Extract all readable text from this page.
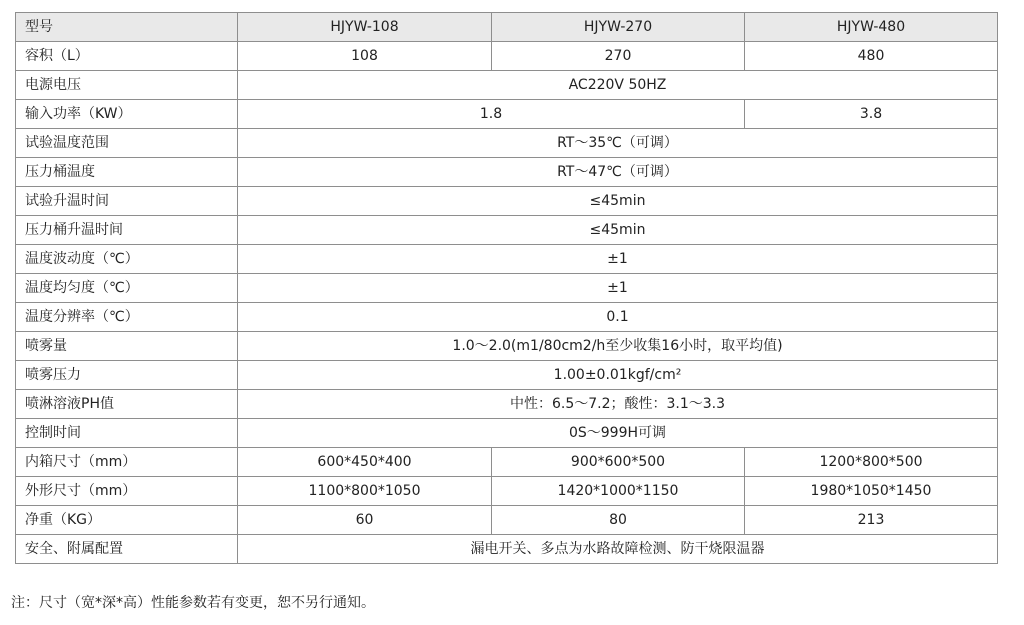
型号	HJYW-108	HJYW-270	HJYW-480
容积（L）	108	270	480
电源电压	AC220V 50HZ		
输入功率（KW）	1.8		3.8
试验温度范围	RT～35℃（可调）		
压力桶温度	RT～47℃（可调）		
试验升温时间	≤45min		
压力桶升温时间	≤45min		
温度波动度（℃）	±1		
温度均匀度（℃）	±1		
温度分辨率（℃）	0.1		
喷雾量	1.0～2.0(m1/80cm2/h至少收集16小时，取平均值)		
喷雾压力	1.00±0.01kgf/cm²		
喷淋溶液PH值	中性：6.5～7.2；酸性：3.1～3.3		
控制时间	0S～999H可调		
内箱尺寸（mm）	600*450*400	900*600*500	1200*800*500
外形尺寸（mm）	1100*800*1050	1420*1000*1150	1980*1050*1450
净重（KG）	60	80	213
安全、附属配置	漏电开关、多点为水路故障检测、防干烧限温器		
注：尺寸（宽*深*高）性能参数若有变更，恕不另行通知。
